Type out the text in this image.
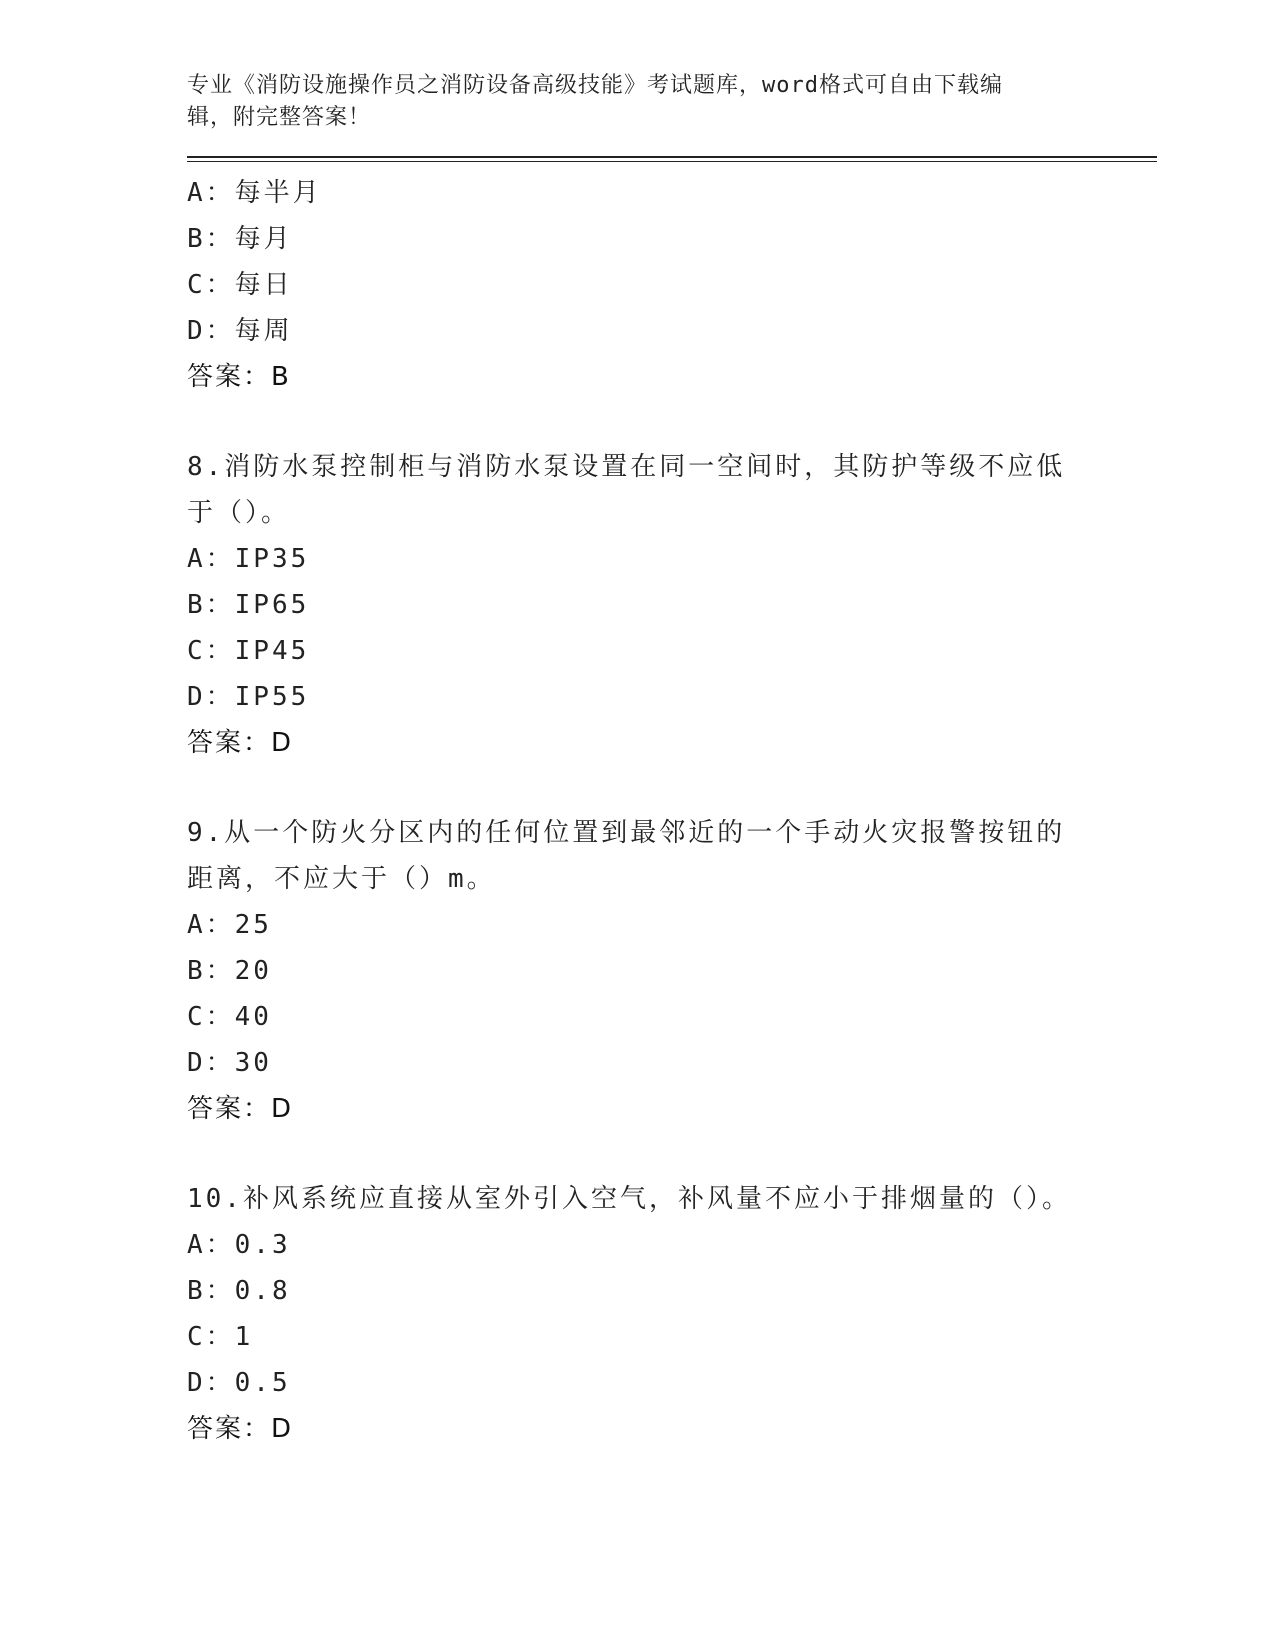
专业《消防设施操作员之消防设备高级技能》考试题库，word格式可自由下载编
辑，附完整答案！
A：每半月
B：每月
C：每日
D：每周
答案：B
8.消防水泵控制柜与消防水泵设置在同一空间时，其防护等级不应低
于（）。
A：IP35
B：IP65
C：IP45
D：IP55
答案：D
9.从一个防火分区内的任何位置到最邻近的一个手动火灾报警按钮的
距离，不应大于（）m。
A：25
B：20
C：40
D：30
答案：D
10.补风系统应直接从室外引入空气，补风量不应小于排烟量的（）。
A：0.3
B：0.8
C：1
D：0.5
答案：D
